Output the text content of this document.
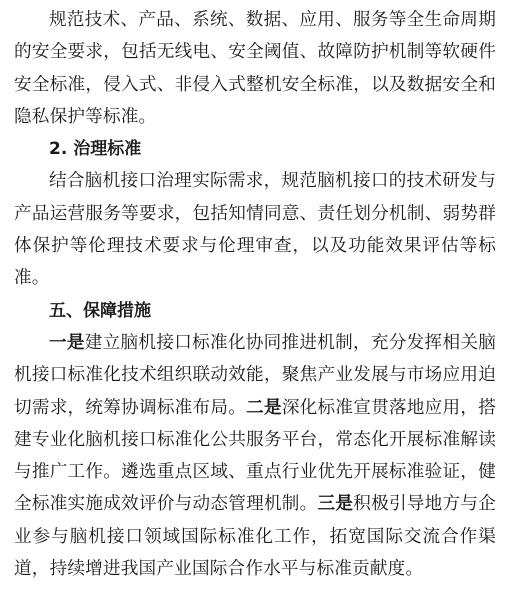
规范技术、产品、系统、数据、应用、服务等全生命周期的安全要求，包括无线电、安全阈值、故障防护机制等软硬件安全标准，侵入式、非侵入式整机安全标准，以及数据安全和隐私保护等标准。

2. 治理标准

结合脑机接口治理实际需求，规范脑机接口的技术研发与产品运营服务等要求，包括知情同意、责任划分机制、弱势群体保护等伦理技术要求与伦理审查，以及功能效果评估等标准。

五、保障措施

一是建立脑机接口标准化协同推进机制，充分发挥相关脑机接口标准化技术组织联动效能，聚焦产业发展与市场应用迫切需求，统筹协调标准布局。二是深化标准宣贯落地应用，搭建专业化脑机接口标准化公共服务平台，常态化开展标准解读与推广工作。遴选重点区域、重点行业优先开展标准验证，健全标准实施成效评价与动态管理机制。三是积极引导地方与企业参与脑机接口领域国际标准化工作，拓宽国际交流合作渠道，持续增进我国产业国际合作水平与标准贡献度。
